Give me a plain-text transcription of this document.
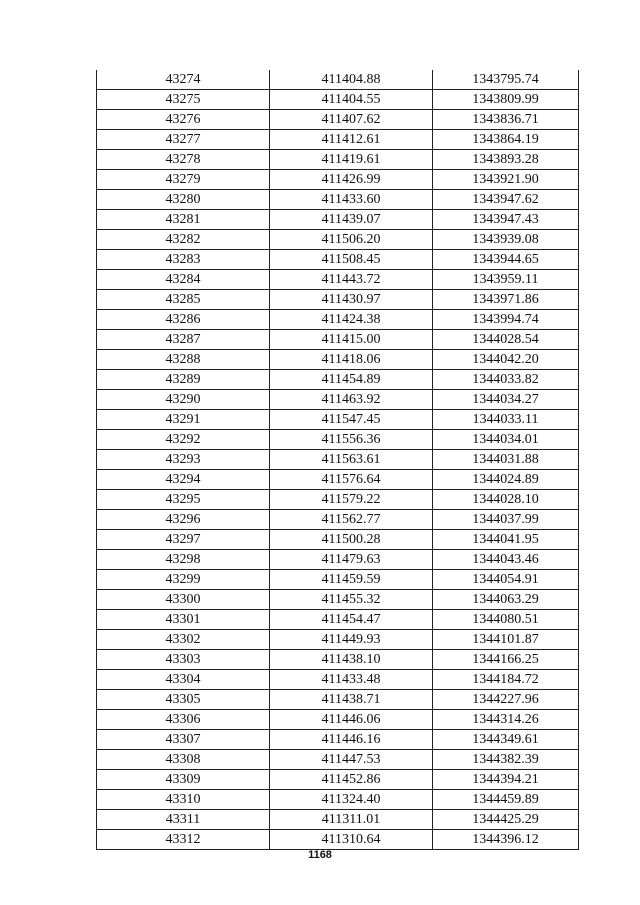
43274	411404.88	1343795.74
43275	411404.55	1343809.99
43276	411407.62	1343836.71
43277	411412.61	1343864.19
43278	411419.61	1343893.28
43279	411426.99	1343921.90
43280	411433.60	1343947.62
43281	411439.07	1343947.43
43282	411506.20	1343939.08
43283	411508.45	1343944.65
43284	411443.72	1343959.11
43285	411430.97	1343971.86
43286	411424.38	1343994.74
43287	411415.00	1344028.54
43288	411418.06	1344042.20
43289	411454.89	1344033.82
43290	411463.92	1344034.27
43291	411547.45	1344033.11
43292	411556.36	1344034.01
43293	411563.61	1344031.88
43294	411576.64	1344024.89
43295	411579.22	1344028.10
43296	411562.77	1344037.99
43297	411500.28	1344041.95
43298	411479.63	1344043.46
43299	411459.59	1344054.91
43300	411455.32	1344063.29
43301	411454.47	1344080.51
43302	411449.93	1344101.87
43303	411438.10	1344166.25
43304	411433.48	1344184.72
43305	411438.71	1344227.96
43306	411446.06	1344314.26
43307	411446.16	1344349.61
43308	411447.53	1344382.39
43309	411452.86	1344394.21
43310	411324.40	1344459.89
43311	411311.01	1344425.29
43312	411310.64	1344396.12
1168
